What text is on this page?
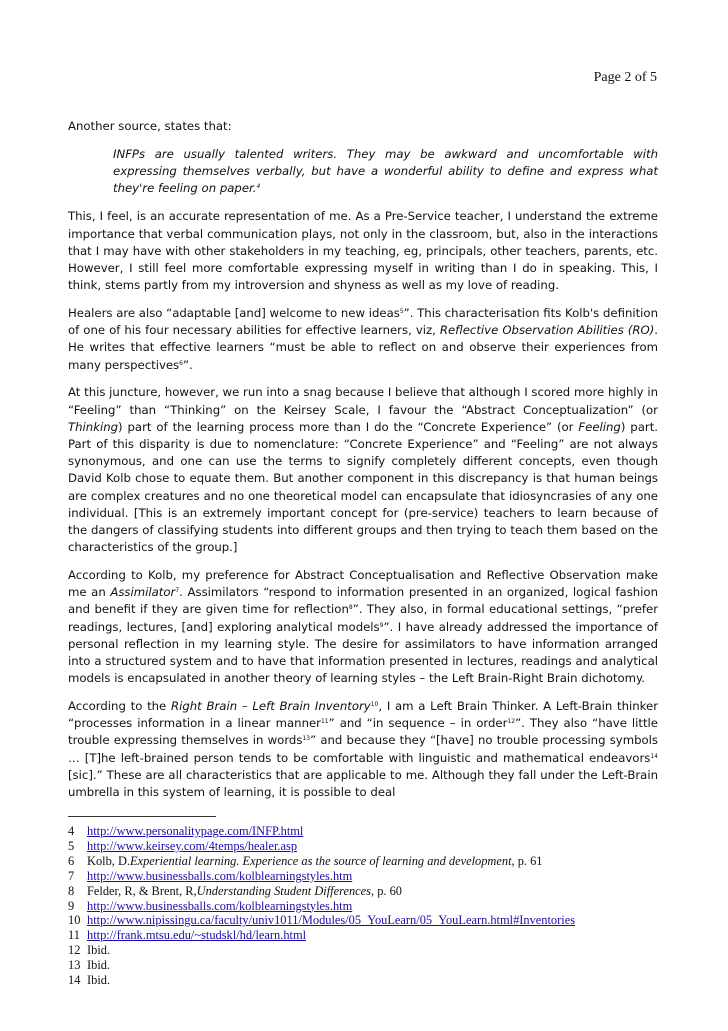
Page 2 of 5

Another source, states that:

INFPs are usually talented writers. They may be awkward and uncomfortable with expressing themselves verbally, but have a wonderful ability to define and express what they're feeling on paper.$^4$

This, I feel, is an accurate representation of me. As a Pre-Service teacher, I understand the extreme importance that verbal communication plays, not only in the classroom, but, also in the interactions that I may have with other stakeholders in my teaching, eg, principals, other teachers, parents, etc. However, I still feel more comfortable expressing myself in writing than I do in speaking. This, I think, stems partly from my introversion and shyness as well as my love of reading.

Healers are also “adaptable [and] welcome to new ideas$^5$”. This characterisation fits Kolb's definition of one of his four necessary abilities for effective learners, viz, Reflective Observation Abilities (RO). He writes that effective learners “must be able to reflect on and observe their experiences from many perspectives$^6$”.

At this juncture, however, we run into a snag because I believe that although I scored more highly in “Feeling” than “Thinking” on the Keirsey Scale, I favour the “Abstract Conceptualization” (or Thinking) part of the learning process more than I do the “Concrete Experience” (or Feeling) part. Part of this disparity is due to nomenclature: “Concrete Experience” and “Feeling” are not always synonymous, and one can use the terms to signify completely different concepts, even though David Kolb chose to equate them. But another component in this discrepancy is that human beings are complex creatures and no one theoretical model can encapsulate that idiosyncrasies of any one individual. [This is an extremely important concept for (pre-service) teachers to learn because of the dangers of classifying students into different groups and then trying to teach them based on the characteristics of the group.]

According to Kolb, my preference for Abstract Conceptualisation and Reflective Observation make me an Assimilator$^7$. Assimilators “respond to information presented in an organized, logical fashion and benefit if they are given time for reflection$^8$”. They also, in formal educational settings, “prefer readings, lectures, [and] exploring analytical models$^9$”. I have already addressed the importance of personal reflection in my learning style. The desire for assimilators to have information arranged into a structured system and to have that information presented in lectures, readings and analytical models is encapsulated in another theory of learning styles – the Left Brain-Right Brain dichotomy.

According to the Right Brain – Left Brain Inventory$^{10}$, I am a Left Brain Thinker. A Left-Brain thinker “processes information in a linear manner$^{11}$” and “in sequence – in order$^{12}$”. They also “have little trouble expressing themselves in words$^{13}$” and because they “[have] no trouble processing symbols … [T]he left-brained person tends to be comfortable with linguistic and mathematical endeavors$^{14}$ [sic].” These are all characteristics that are applicable to me. Although they fall under the Left-Brain umbrella in this system of learning, it is possible to deal

4	http://www.personalitypage.com/INFP.html
5	http://www.keirsey.com/4temps/healer.asp
6	Kolb, D. Experiential learning. Experience as the source of learning and development , p. 61
7	http://www.businessballs.com/kolblearningstyles.htm
8	Felder, R, & Brent, R, Understanding Student Differences , p. 60
9	http://www.businessballs.com/kolblearningstyles.htm
10 http://www.nipissingu.ca/faculty/univ1011/Modules/05_YouLearn/05_YouLearn.html#Inventories
11 http://frank.mtsu.edu/~studskl/hd/learn.html
12 Ibid.
13 Ibid.
14 Ibid.
